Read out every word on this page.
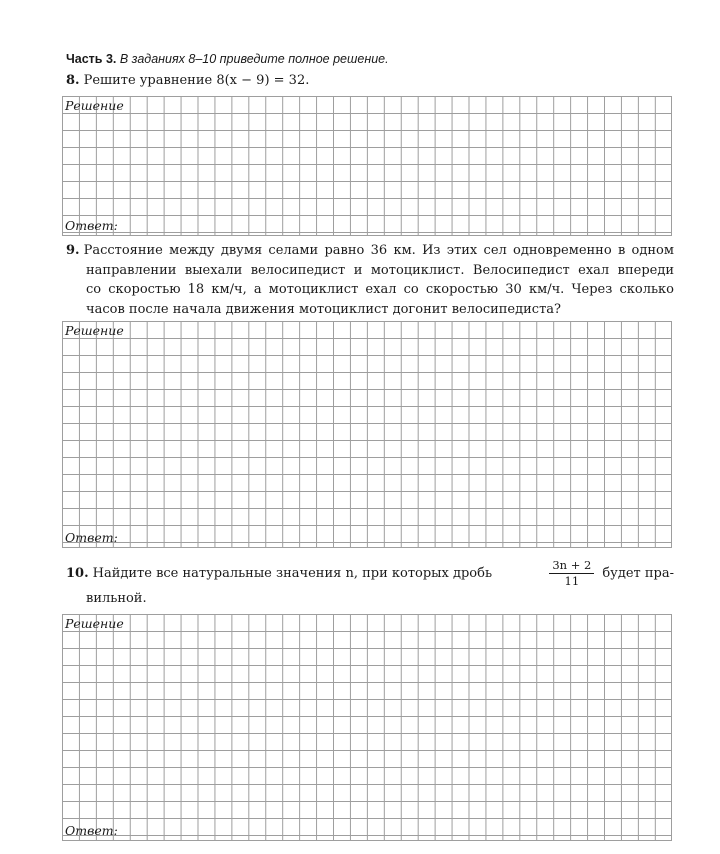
Часть 3. В заданиях 8–10 приведите полное решение.
8. Решите уравнение 8(x − 9) = 32.
Решение
Ответ:
9. Расстояние между двумя селами равно 36 км. Из этих сел одновременно в одном
направлении выехали велосипедист и мотоциклист. Велосипедист ехал впереди
со скоростью 18 км/ч, а мотоциклист ехал со скоростью 30 км/ч. Через сколько
часов после начала движения мотоциклист догонит велосипедиста?
Решение
Ответ:
10. Найдите все натуральные значения n, при которых дробь	$\frac{3n + 2}{11}$ будет пра-
вильной.
Решение
Ответ:
